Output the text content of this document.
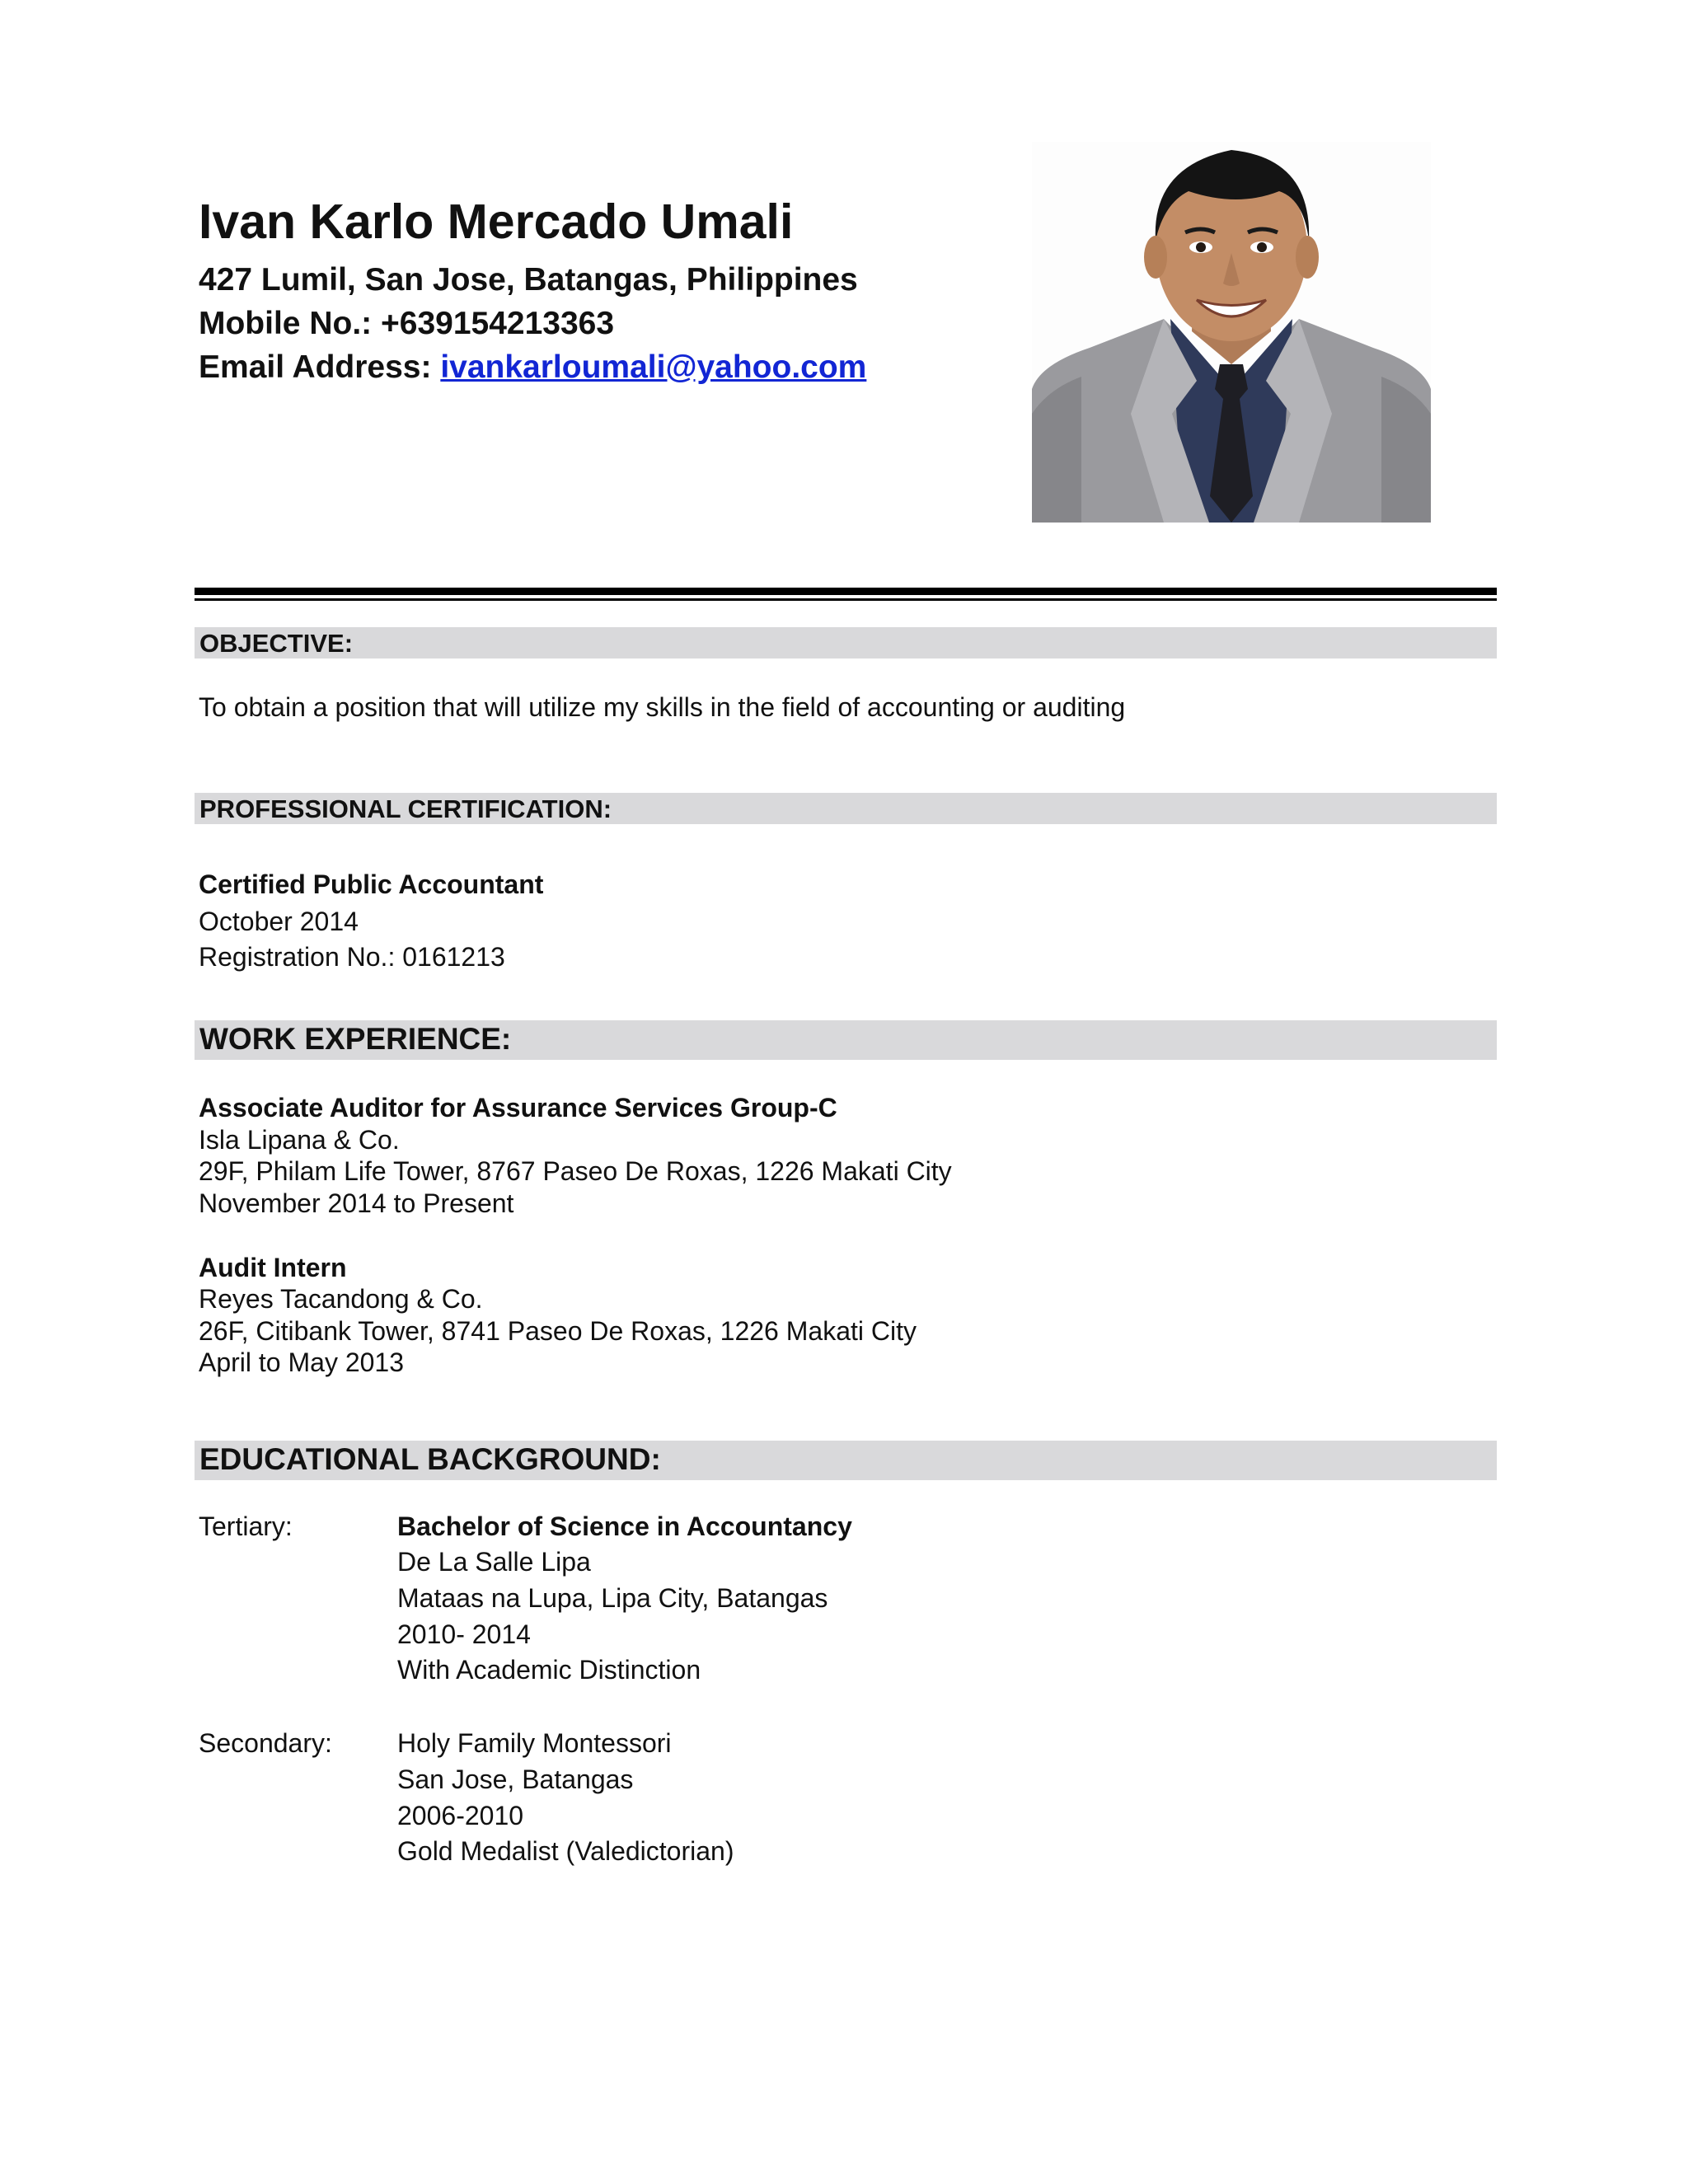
Ivan Karlo Mercado Umali
427 Lumil, San Jose, Batangas, Philippines
Mobile No.: +639154213363
Email Address: ivankarloumali@yahoo.com
OBJECTIVE:
To obtain a position that will utilize my skills in the field of accounting or auditing
PROFESSIONAL CERTIFICATION:
Certified Public Accountant
October 2014
Registration No.: 0161213
WORK EXPERIENCE:
Associate Auditor for Assurance Services Group-C
Isla Lipana & Co.
29F, Philam Life Tower, 8767 Paseo De Roxas, 1226 Makati City
November 2014 to Present
Audit Intern
Reyes Tacandong & Co.
26F, Citibank Tower, 8741 Paseo De Roxas, 1226 Makati City
April to May 2013
EDUCATIONAL BACKGROUND:
Tertiary:	Bachelor of Science in Accountancy
De La Salle Lipa
Mataas na Lupa, Lipa City, Batangas
2010- 2014
With Academic Distinction
Secondary: Holy Family Montessori
San Jose, Batangas
2006-2010
Gold Medalist (Valedictorian)
